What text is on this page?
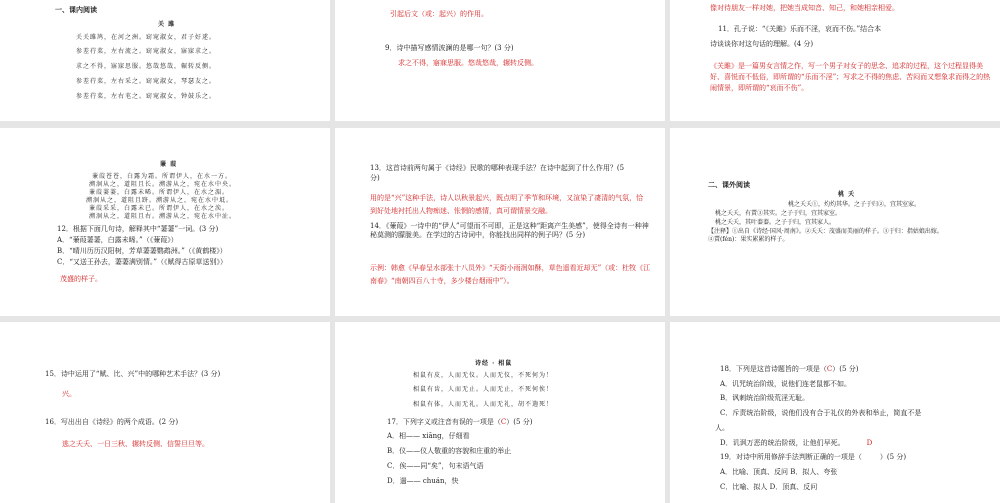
一、课内阅读
关 雎
关关雎鸠，在河之洲。窈窕淑女，君子好逑。
参差荇菜，左右流之。窈窕淑女，寤寐求之。
求之不得，寤寐思服。悠哉悠哉，辗转反侧。
参差荇菜，左右采之。窈窕淑女，琴瑟友之。
参差荇菜，左右芼之。窈窕淑女，钟鼓乐之。
引起后文（或：起兴）的作用。
9．诗中描写感情波澜的是哪一句？(3 分)
求之不得，寤寐思服。悠哉悠哉，辗转反侧。
像对待朋友一样对她，把她当成知音、知己，和她相亲相爱。
11．孔子说：“《关雎》乐而不淫，哀而不伤。”结合本
诗谈谈你对这句话的理解。(4 分)
《关雎》是一篇男女言情之作，写一个男子对女子的思念、追求的过程，这个过程显得美好、喜悦而不低俗，即所谓的“乐而不淫”；写求之不得的焦虑、苦闷而又想象求而得之的热闹情景，即所谓的“哀而不伤”。
蒹 葭
蒹葭苍苍，白露为霜。所谓伊人，在水一方。
溯洄从之，道阻且长。溯游从之，宛在水中央。
蒹葭萋萋，白露未晞。所谓伊人，在水之湄。
溯洄从之，道阻且跻。溯游从之，宛在水中坻。
蒹葭采采，白露未已。所谓伊人，在水之涘。
溯洄从之，道阻且右。溯游从之，宛在水中沚。
12．根据下面几句诗，解释其中“萋萋”一词。(3 分)
A．“蒹葭萋萋，白露未晞。”（《蒹葭》）
B．“晴川历历汉阳树，芳草萋萋鹦鹉洲。”（《黄鹤楼》）
C．“又送王孙去，萋萋满别情。”（《赋得古原草送别》）
茂盛的样子。
13．这首诗前两句属于《诗经》民歌的哪种表现手法？在诗中起到了什么作用？(5 分)
用的是“兴”这种手法，诗人以秋景起兴，既点明了季节和环境，又渲染了凄清的气氛，恰到好处地衬托出人物痴迷、怅惘的感情，真可谓情景交融。
14．《蒹葭》一诗中的“伊人”可望而不可即，正是这种“距离产生美感”，使得全诗有一种神秘莫测的朦胧美。在学过的古诗词中，你能找出同样的例子吗？(5 分)
示例：韩愈《早春呈水部张十八员外》“天街小雨润如酥，草色遥看近却无”（或：杜牧《江南春》“南朝四百八十寺，多少楼台烟雨中”）。
二、课外阅读
桃 夭
桃之夭夭①，灼灼其华。之子于归②，宜其室家。
桃之夭夭，有蕡③其实。之子于归，宜其家室。
桃之夭夭，其叶蓁蓁。之子于归，宜其家人。
【注释】①出自《诗经·国风·周南》。②夭夭：茂盛而美丽的样子。③于归：指姑娘出嫁。
④蕡(fén)：果实累累的样子。
15．诗中运用了“赋、比、兴”中的哪种艺术手法？(3 分)
兴。
16．写出出自《诗经》的两个成语。(2 分)
逃之夭夭、一日三秋、辗转反侧、信誓旦旦等。
诗经 · 相鼠
相鼠有皮，人而无仪。人而无仪，不死何为！
相鼠有齿，人而无止。人而无止，不死何俟！
相鼠有体，人而无礼。人而无礼，胡不遄死！
17．下列字义或注音有误的一项是（C）(5 分)
A．相—— xiāng，仔细看
B．仪——仪人敬重的容貌和庄重的举止
C．俟——同“矣”，句末语气语
D．遄—— chuán，快
18．下列是这首诗题旨的一项是（C）(5 分)
A．讥咒统治阶级，说他们连老鼠都不如。
B．讽刺统治阶级荒淫无耻。
C．斥责统治阶级，说他们没有合于礼仪的外表和举止，简直不是
人。
D．讥讽万恶的统治阶级，让他们早死。	D
19．对诗中所用修辞手法判断正确的一项是（	）(5 分)
A．比喻、顶真、反问 B．拟人、夸张
C．比喻、拟人 D．顶真、反问
